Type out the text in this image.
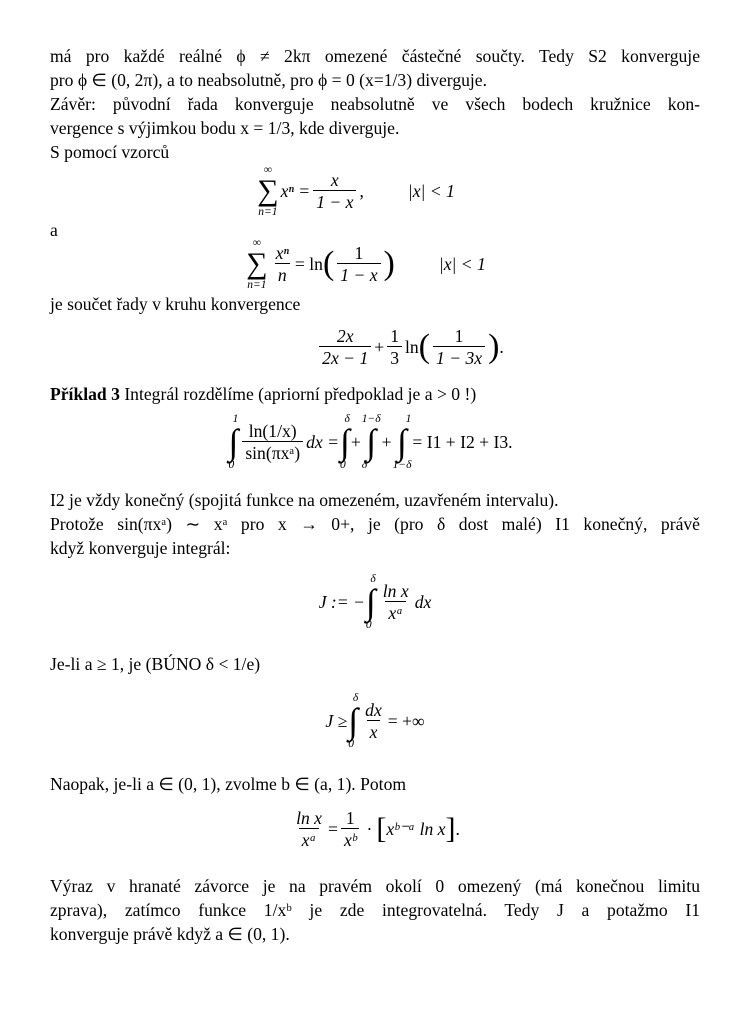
má pro každé reálné ϕ ≠ 2kπ omezené částečné součty. Tedy S2 konverguje
pro ϕ ∈ (0, 2π), a to neabsolutně, pro ϕ = 0 (x=1/3) diverguje.

Závěr: původní řada konverguje neabsolutně ve všech bodech kružnice kon-
vergence s výjimkou bodu x = 1/3, kde diverguje.

S pomocí vzorců

∞
∑
n=1
$x^n = \frac{x}{1 - x}$ ,	|x| < 1

a

∞
∑
$n=1 \frac{\text{xⁿ}}{n} = \ln$ ( $\frac{1}{1 - x}$ )	|x| < 1

je součet řady v kruhu konvergence

$\frac{2x}{2x - 1} + \frac{1}{3}$ ln ( $\frac{1}{1 - 3x}$ ) .

Příklad 3 Integrál rozdělíme (apriorní předpoklad je a > 0 !)

1
∫
0
$\frac{\ln(1/x)}{\text{sin(πxᵃ)}}$ dx =
δ
∫
0
+
1−δ
∫
δ
+
1
∫
1−δ
= I1 + I2 + I3.

I2 je vždy konečný (spojitá funkce na omezeném, uzavřeném intervalu).
Protože sin(πxᵃ) ∼ xᵃ pro x → 0+, je (pro δ dost malé) I1 konečný, právě
když konverguje integrál:

J := −
δ
∫
0
$\frac{\text{ln x}}{\text{xᵃ}}$ dx

Je-li a ≥ 1, je (BÚNO δ < 1/e)

J ≥
δ
∫
0
$\frac{dx}{x}$ = +∞

Naopak, je-li a ∈ (0, 1), zvolme b ∈ (a, 1). Potom

$\frac{\text{ln x}}{\text{xᵃ}} = \frac{1}{\text{xᵇ}}$ · [ xᵇ⁻ᵃ ln x ] .

Výraz v hranaté závorce je na pravém okolí 0 omezený (má konečnou limitu
zprava), zatímco funkce 1/xᵇ je zde integrovatelná. Tedy J a potažmo I1
konverguje právě když a ∈ (0, 1).
